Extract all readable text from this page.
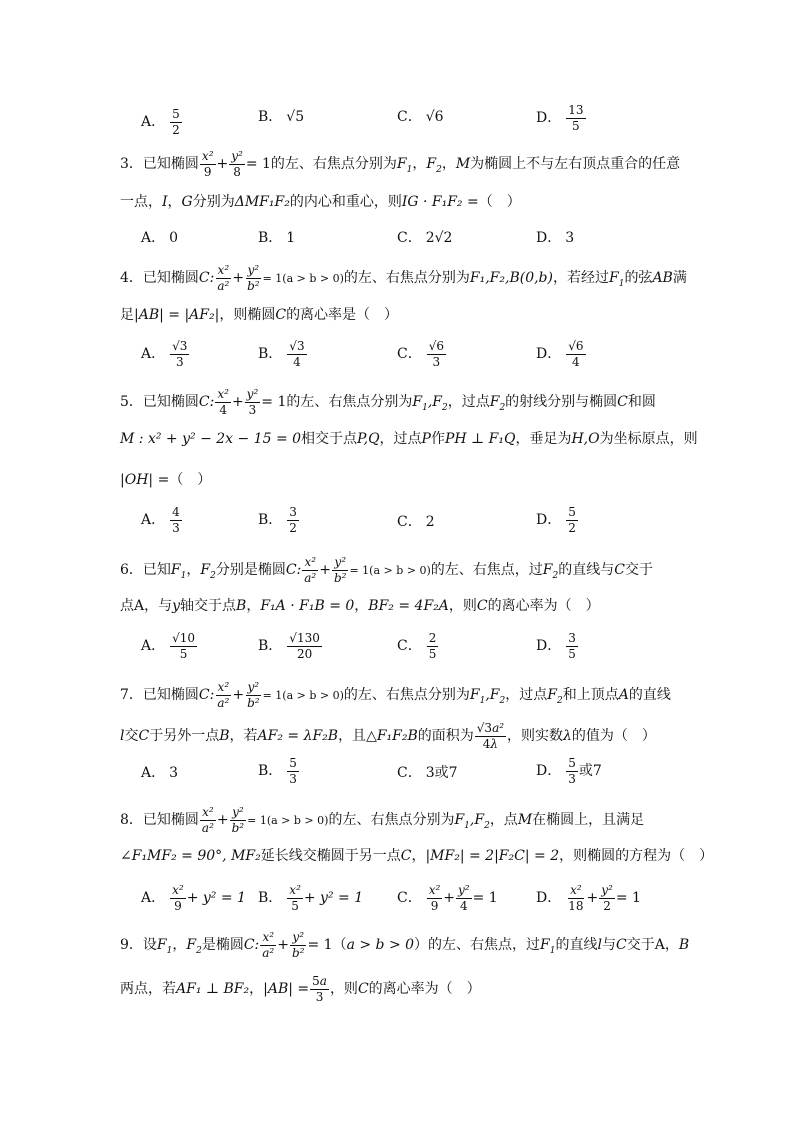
A． $\frac{5}{2}$	B． √5	C． √6	D． $\frac{13}{5}$
3．已知椭圆 $\frac{\text{x²}}{9} + \frac{\text{y²}}{8} = 1$的左、右焦点分别为$F_1$，$F_2$，M为椭圆上不与左右顶点重合的任意
一点，I，G分别为ΔMF₁F₂的内心和重心，则IG · F₁F₂ =（　）
A． 0	B． 1	C． 2√2	D． 3
4．已知椭圆C: $\frac{\text{x²}}{\text{a²}} + \frac{\text{y²}}{\text{b²}} = 1(a > b > 0)$的左、右焦点分别为F₁,F₂,B(0,b)，若经过$F_1$的弦AB满
足|AB| = |AF₂|，则椭圆C的离心率是（　）
A． $\frac{√3}{3}$	B． $\frac{√3}{4}$	C． $\frac{√6}{3}$	D． $\frac{√6}{4}$
5．已知椭圆C: $\frac{\text{x²}}{4} + \frac{\text{y²}}{3} = 1$的左、右焦点分别为$F_1,F_2$，过点$F_2$的射线分别与椭圆C和圆
M : x² + y² − 2x − 15 = 0相交于点P,Q，过点P作PH ⊥ F₁Q，垂足为H,O为坐标原点，则
|OH| =（　）
A． $\frac{4}{3}$	B． $\frac{3}{2}$	C． 2	D． $\frac{5}{2}$
6．已知$F_1$，$F_2$分别是椭圆C: $\frac{\text{x²}}{\text{a²}} + \frac{\text{y²}}{\text{b²}} = 1(a > b > 0)$的左、右焦点，过$F_2$的直线与C交于
点A，与y轴交于点B，F₁A · F₁B = 0，BF₂ = 4F₂A，则C的离心率为（　）
A． $\frac{√10}{5}$	B． $\frac{√130}{20}$	C． $\frac{2}{5}$	D． $\frac{3}{5}$
7．已知椭圆C: $\frac{\text{x²}}{\text{a²}} + \frac{\text{y²}}{\text{b²}} = 1(a > b > 0)$的左、右焦点分别为$F_1,F_2$，过点$F_2$和上顶点A的直线
l交C于另外一点B，若AF₂ = λF₂B，且△F₁F₂B的面积为 $\frac{\text{√3a²}}{4\lambda}$ ，则实数λ的值为（　）
A． 3	B． $\frac{5}{3}$	C． 3或7	D． $\frac{5}{3}$ 或7
8．已知椭圆 $\frac{\text{x²}}{\text{a²}} + \frac{\text{y²}}{\text{b²}} = 1(a > b > 0)$的左、右焦点分别为$F_1,F_2$，点M在椭圆上，且满足
∠F₁MF₂ = 90°, MF₂延长线交椭圆于另一点C，|MF₂| = 2|F₂C| = 2，则椭圆的方程为（　）
A． $\frac{\text{x²}}{9} + y^2 = 1$ B． $\frac{\text{x²}}{5} + y^2 = 1$ C． $\frac{\text{x²}}{9} + \frac{\text{y²}}{4} = 1$	D． $\frac{\text{x²}}{18} + \frac{\text{y²}}{2} = 1$
9．设$F_1$，$F_2$是椭圆C: $\frac{\text{x²}}{\text{a²}} + \frac{\text{y²}}{\text{b²}} = 1(a > b > 0)$的左、右焦点，过$F_1$的直线l与C交于A，B
两点，若AF₁ ⊥ BF₂，$|AB| = \frac{5a}{3}$ ，则C的离心率为（　）
